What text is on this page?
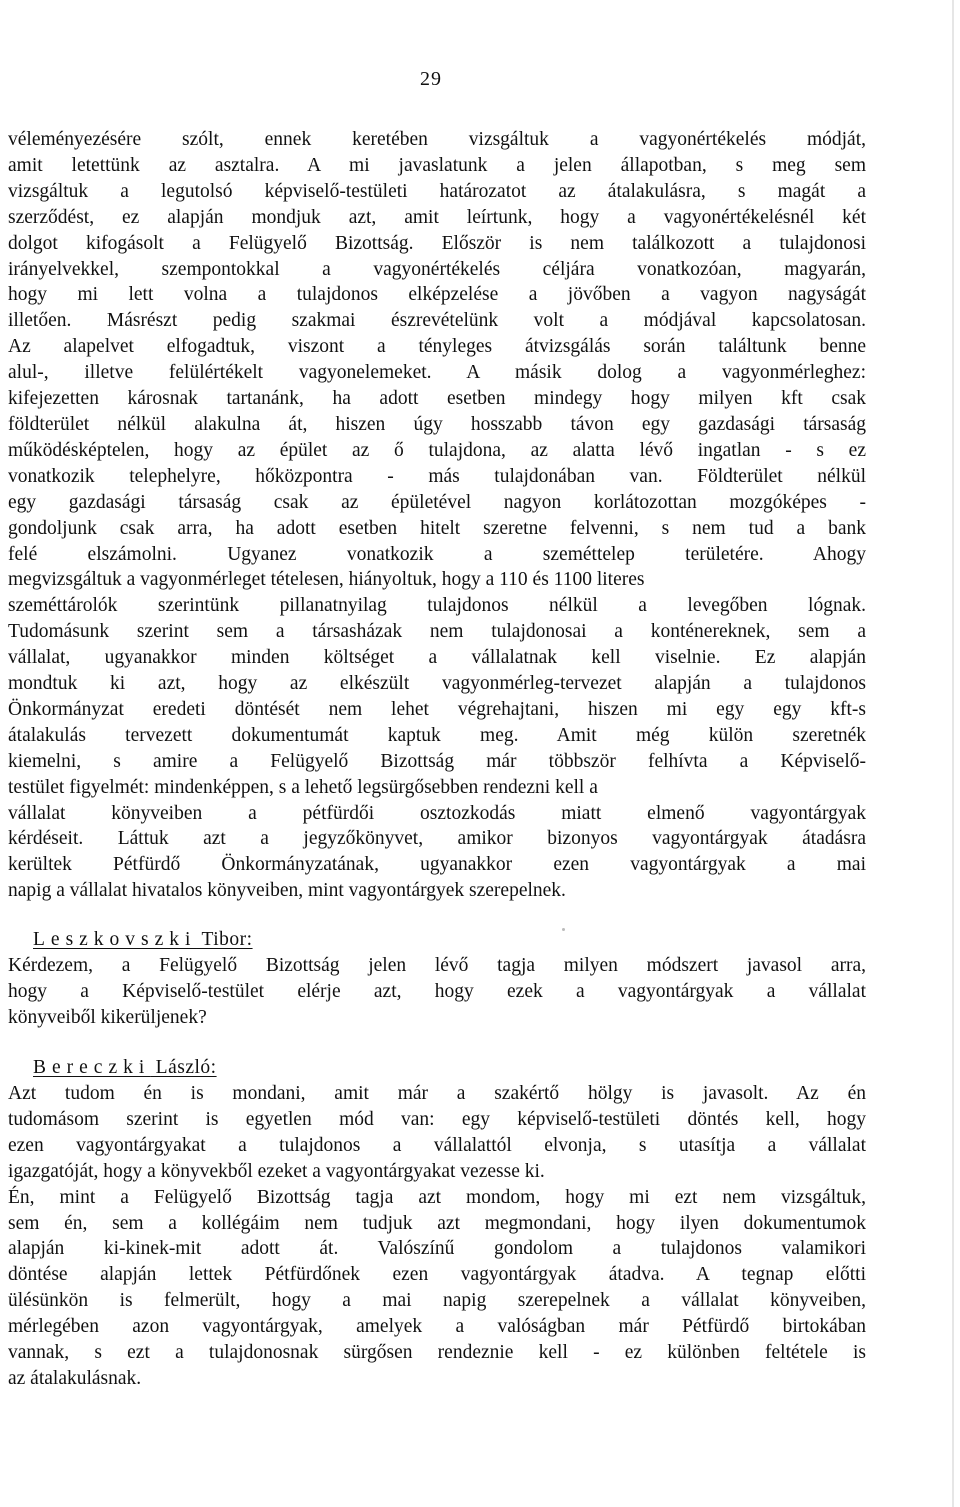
29
véleményezésére szólt, ennek keretében vizsgáltuk a vagyonértékelés módját,
amit letettünk az asztalra. A mi javaslatunk a jelen állapotban, s meg sem
vizsgáltuk a legutolsó képviselő-testületi határozatot az átalakulásra, s magát a
szerződést, ez alapján mondjuk azt, amit leírtunk, hogy a vagyonértékelésnél két
dolgot kifogásolt a Felügyelő Bizottság. Először is nem találkozott a tulajdonosi
irányelvekkel, szempontokkal a vagyonértékelés céljára vonatkozóan, magyarán,
hogy mi lett volna a tulajdonos elképzelése a jövőben a vagyon nagyságát
illetően. Másrészt pedig szakmai észrevételünk volt a módjával kapcsolatosan.
Az alapelvet elfogadtuk, viszont a tényleges átvizsgálás során találtunk benne
alul-, illetve felülértékelt vagyonelemeket. A másik dolog a vagyonmérleghez:
kifejezetten károsnak tartanánk, ha adott esetben mindegy hogy milyen kft csak
földterület nélkül alakulna át, hiszen úgy hosszabb távon egy gazdasági társaság
működésképtelen, hogy az épület az ő tulajdona, az alatta lévő ingatlan - s ez
vonatkozik telephelyre, hőközpontra - más tulajdonában van. Földterület nélkül
egy gazdasági társaság csak az épületével nagyon korlátozottan mozgóképes -
gondoljunk csak arra, ha adott esetben hitelt szeretne felvenni, s nem tud a bank
felé elszámolni. Ugyanez vonatkozik a szeméttelep területére. Ahogy
megvizsgáltuk a vagyonmérleget tételesen, hiányoltuk, hogy a 110 és 1100 literes
szeméttárolók szerintünk pillanatnyilag tulajdonos nélkül a levegőben lógnak.
Tudomásunk szerint sem a társasházak nem tulajdonosai a konténereknek, sem a
vállalat, ugyanakkor minden költséget a vállalatnak kell viselnie. Ez alapján
mondtuk ki azt, hogy az elkészült vagyonmérleg-tervezet alapján a tulajdonos
Önkormányzat eredeti döntését nem lehet végrehajtani, hiszen mi egy egy kft-s
átalakulás tervezett dokumentumát kaptuk meg. Amit még külön szeretnék
kiemelni, s amire a Felügyelő Bizottság már többször felhívta a Képviselő-
testület figyelmét: mindenképpen, s a lehető legsürgősebben rendezni kell a
vállalat könyveiben a pétfürdői osztozkodás miatt elmenő vagyontárgyak
kérdéseit. Láttuk azt a jegyzőkönyvet, amikor bizonyos vagyontárgyak átadásra
kerültek Pétfürdő Önkormányzatának, ugyanakkor ezen vagyontárgyak a mai
napig a vállalat hivatalos könyveiben, mint vagyontárgyek szerepelnek.
Leszkovszki Tibor:
Kérdezem, a Felügyelő Bizottság jelen lévő tagja milyen módszert javasol arra,
hogy a Képviselő-testület elérje azt, hogy ezek a vagyontárgyak a vállalat
könyveiből kikerüljenek?
Bereczki László:
Azt tudom én is mondani, amit már a szakértő hölgy is javasolt. Az én
tudomásom szerint is egyetlen mód van: egy képviselő-testületi döntés kell, hogy
ezen vagyontárgyakat a tulajdonos a vállalattól elvonja, s utasítja a vállalat
igazgatóját, hogy a könyvekből ezeket a vagyontárgyakat vezesse ki.
Én, mint a Felügyelő Bizottság tagja azt mondom, hogy mi ezt nem vizsgáltuk,
sem én, sem a kollégáim nem tudjuk azt megmondani, hogy ilyen dokumentumok
alapján ki-kinek-mit adott át. Valószínű gondolom a tulajdonos valamikori
döntése alapján lettek Pétfürdőnek ezen vagyontárgyak átadva. A tegnap előtti
ülésünkön is felmerült, hogy a mai napig szerepelnek a vállalat könyveiben,
mérlegében azon vagyontárgyak, amelyek a valóságban már Pétfürdő birtokában
vannak, s ezt a tulajdonosnak sürgősen rendeznie kell - ez különben feltétele is
az átalakulásnak.
